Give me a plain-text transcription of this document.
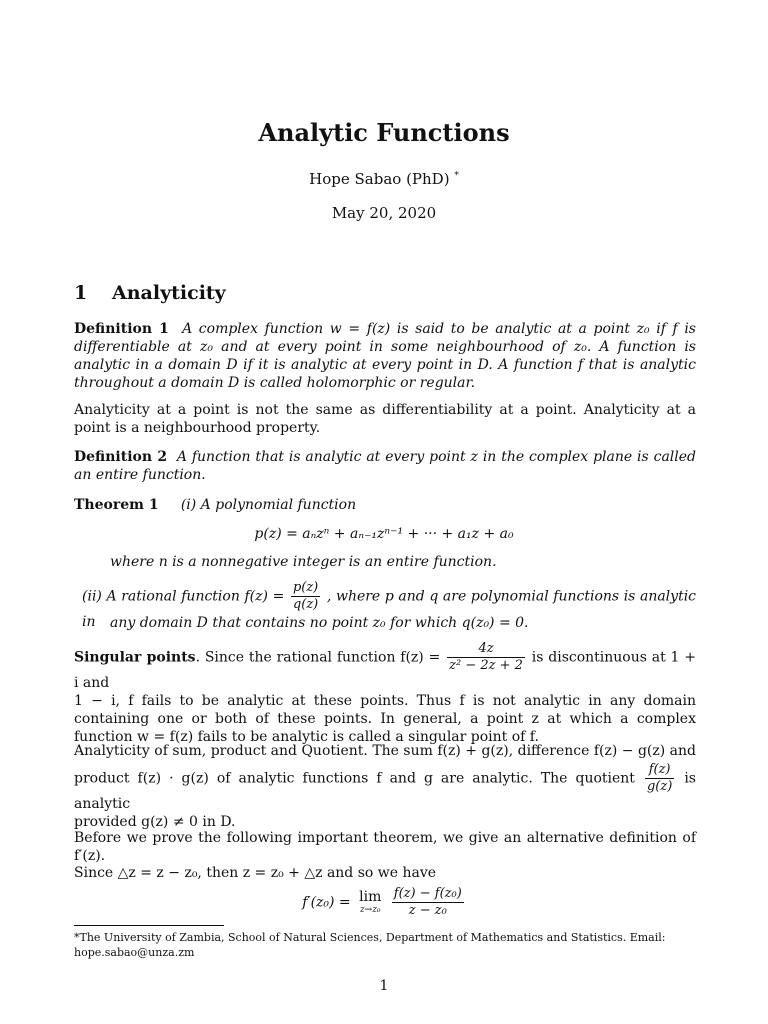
Analytic Functions
Hope Sabao (PhD) *
May 20, 2020
1 Analyticity
Definition 1 A complex function w = f(z) is said to be analytic at a point z₀ if f is differentiable at z₀ and at every point in some neighbourhood of z₀. A function is analytic in a domain D if it is analytic at every point in D. A function f that is analytic throughout a domain D is called holomorphic or regular.
Analyticity at a point is not the same as differentiability at a point. Analyticity at a point is a neighbourhood property.
Definition 2 A function that is analytic at every point z in the complex plane is called an entire function.
Theorem 1 (i) A polynomial function
p(z) = aₙzⁿ + aₙ₋₁zⁿ⁻¹ + ··· + a₁z + a₀
where n is a nonnegative integer is an entire function.
(ii) A rational function $f(z) = \frac{p(z)}{q(z)}$ , where p and q are polynomial functions is analytic in	any domain D that contains no point z₀ for which q(z₀) = 0.
Singular points. Since the rational function $f(z) = \frac{4z}{\text{z² − 2z + 2}}$ is discontinuous at 1 + i and
1 − i, f fails to be analytic at these points. Thus f is not analytic in any domain containing one or both of these points. In general, a point z at which a complex function w = f(z) fails to be analytic is called a singular point of f.
Analyticity of sum, product and Quotient. The sum f(z) + g(z), difference f(z) − g(z) and
product f(z) · g(z) of analytic functions f and g are analytic. The quotient $\frac{f(z)}{g(z)}$ is analytic
provided g(z) ≠ 0 in D.
Before we prove the following important theorem, we give an alternative definition of f′(z).
Since △z = z − z₀, then z = z₀ + △z and so we have
f′(z₀) = lim
z→z₀
$\frac{\text{f(z) − f(z₀)}}{\text{z − z₀}}$
*The University of Zambia, School of Natural Sciences, Department of Mathematics and Statistics. Email: hope.sabao@unza.zm
1
